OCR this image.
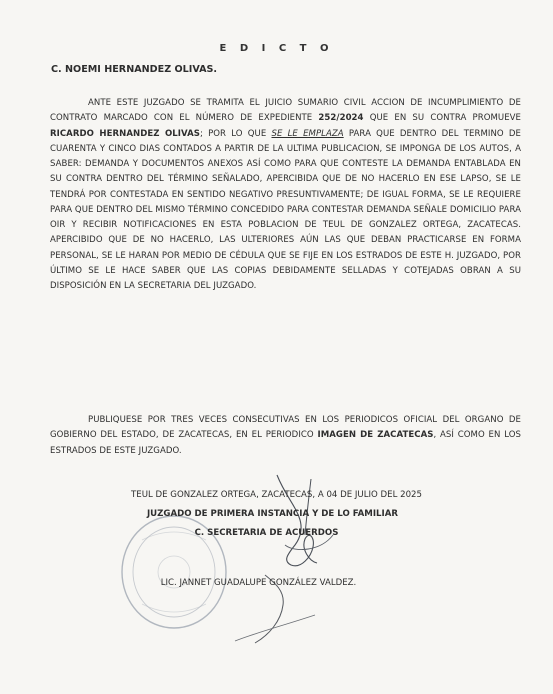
E D I C T O
C. NOEMI HERNANDEZ OLIVAS.
ANTE ESTE JUZGADO SE TRAMITA EL JUICIO SUMARIO CIVIL ACCION DE INCUMPLIMIENTO DE CONTRATO MARCADO CON EL NÚMERO DE EXPEDIENTE 252/2024 QUE EN SU CONTRA PROMUEVE RICARDO HERNANDEZ OLIVAS; POR LO QUE SE LE EMPLAZA PARA QUE DENTRO DEL TERMINO DE CUARENTA Y CINCO DIAS CONTADOS A PARTIR DE LA ULTIMA PUBLICACION, SE IMPONGA DE LOS AUTOS, A SABER: DEMANDA Y DOCUMENTOS ANEXOS ASÍ COMO PARA QUE CONTESTE LA DEMANDA ENTABLADA EN SU CONTRA DENTRO DEL TÉRMINO SEÑALADO, APERCIBIDA QUE DE NO HACERLO EN ESE LAPSO, SE LE TENDRÁ POR CONTESTADA EN SENTIDO NEGATIVO PRESUNTIVAMENTE; DE IGUAL FORMA, SE LE REQUIERE PARA QUE DENTRO DEL MISMO TÉRMINO CONCEDIDO PARA CONTESTAR DEMANDA SEÑALE DOMICILIO PARA OIR Y RECIBIR NOTIFICACIONES EN ESTA POBLACION DE TEUL DE GONZALEZ ORTEGA, ZACATECAS. APERCIBIDO QUE DE NO HACERLO, LAS ULTERIORES AÚN LAS QUE DEBAN PRACTICARSE EN FORMA PERSONAL, SE LE HARAN POR MEDIO DE CÉDULA QUE SE FIJE EN LOS ESTRADOS DE ESTE H. JUZGADO, POR ÚLTIMO SE LE HACE SABER QUE LAS COPIAS DEBIDAMENTE SELLADAS Y COTEJADAS OBRAN A SU DISPOSICIÓN EN LA SECRETARIA DEL JUZGADO.
PUBLIQUESE POR TRES VECES CONSECUTIVAS EN LOS PERIODICOS OFICIAL DEL ORGANO DE GOBIERNO DEL ESTADO, DE ZACATECAS, EN EL PERIODICO IMAGEN DE ZACATECAS, ASÍ COMO EN LOS ESTRADOS DE ESTE JUZGADO.
TEUL DE GONZALEZ ORTEGA, ZACATECAS, A 04 DE JULIO DEL 2025
JUZGADO DE PRIMERA INSTANCIA Y DE LO FAMILIAR
C. SECRETARIA DE ACUERDOS
LIC. JANNET GUADALUPE GONZÁLEZ VALDEZ.
